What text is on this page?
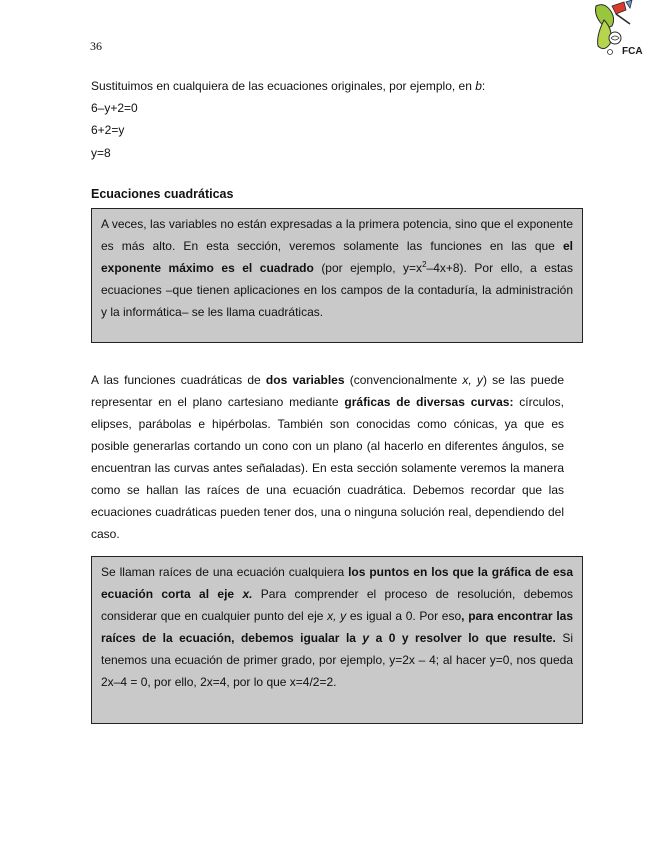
36	FCA
Sustituimos en cualquiera de las ecuaciones originales, por ejemplo, en b:
6–y+2=0
6+2=y
y=8
Ecuaciones cuadráticas

A veces, las variables no están expresadas a la primera potencia, sino que el exponente es más alto. En esta sección, veremos solamente las funciones en las que el exponente máximo es el cuadrado (por ejemplo, $y=x^2-4x+8$). Por ello, a estas ecuaciones –que tienen aplicaciones en los campos de la contaduría, la administración y la informática– se les llama cuadráticas.

A las funciones cuadráticas de dos variables (convencionalmente x, y) se las puede representar en el plano cartesiano mediante gráficas de diversas curvas: círculos, elipses, parábolas e hipérbolas. También son conocidas como cónicas, ya que es posible generarlas cortando un cono con un plano (al hacerlo en diferentes ángulos, se encuentran las curvas antes señaladas). En esta sección solamente veremos la manera como se hallan las raíces de una ecuación cuadrática. Debemos recordar que las ecuaciones cuadráticas pueden tener dos, una o ninguna solución real, dependiendo del caso.

Se llaman raíces de una ecuación cualquiera los puntos en los que la gráfica de esa ecuación corta al eje x. Para comprender el proceso de resolución, debemos considerar que en cualquier punto del eje x, y es igual a 0. Por eso, para encontrar las raíces de la ecuación, debemos igualar la y a 0 y resolver lo que resulte. Si tenemos una ecuación de primer grado, por ejemplo, y=2x – 4; al hacer y=0, nos queda 2x–4 = 0, por ello, 2x=4, por lo que x=4/2=2.
